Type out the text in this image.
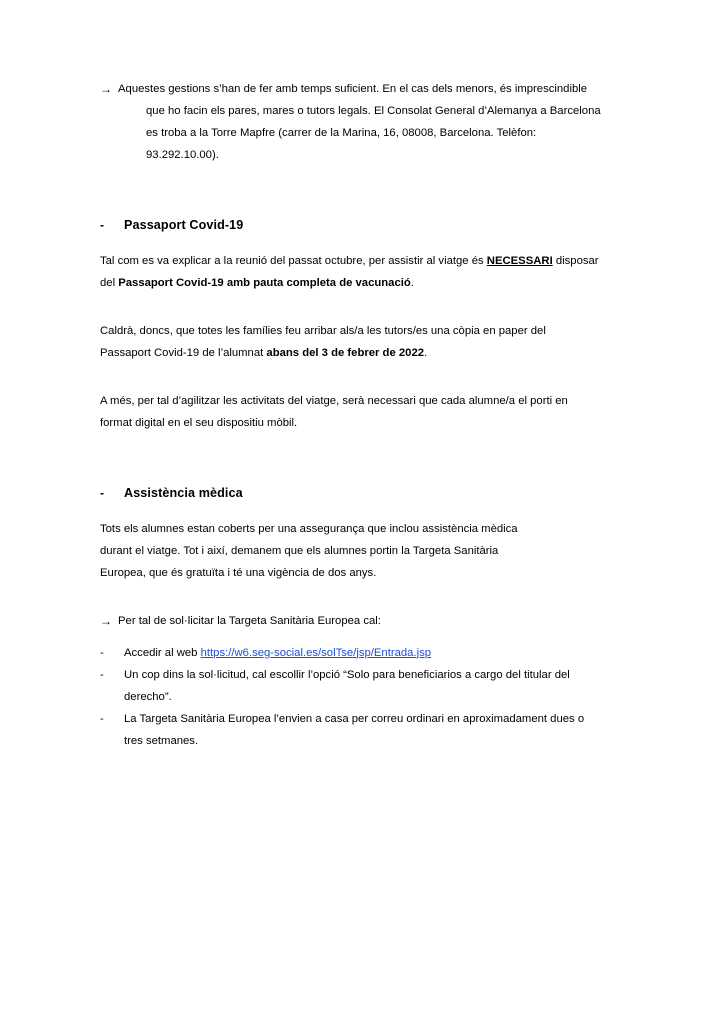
→ Aquestes gestions s’han de fer amb temps suficient. En el cas dels menors, és imprescindible
que ho facin els pares, mares o tutors legals. El Consolat General d’Alemanya a Barcelona
es troba a la Torre Mapfre (carrer de la Marina, 16, 08008, Barcelona. Telèfon:
93.292.10.00).
-	Passaport Covid-19

Tal com es va explicar a la reunió del passat octubre, per assistir al viatge és NECESSARI disposar
del Passaport Covid-19 amb pauta completa de vacunació.

Caldrà, doncs, que totes les famílies feu arribar als/a les tutors/es una còpia en paper del
Passaport Covid-19 de l’alumnat abans del 3 de febrer de 2022.

A més, per tal d’agilitzar les activitats del viatge, serà necessari que cada alumne/a el porti en
format digital en el seu dispositiu mòbil.

-	Assistència mèdica

Tots els alumnes estan coberts per una assegurança que inclou assistència mèdica
durant el viatge. Tot i així, demanem que els alumnes portin la Targeta Sanitària
Europea, que és gratuïta i té una vigència de dos anys.

→ Per tal de sol·licitar la Targeta Sanitària Europea cal:
-	Accedir al web https://w6.seg-social.es/solTse/jsp/Entrada.jsp
-	Un cop dins la sol·licitud, cal escollir l’opció “Solo para beneficiarios a cargo del titular del
derecho”.
-	La Targeta Sanitària Europea l’envien a casa per correu ordinari en aproximadament dues o
tres setmanes.
